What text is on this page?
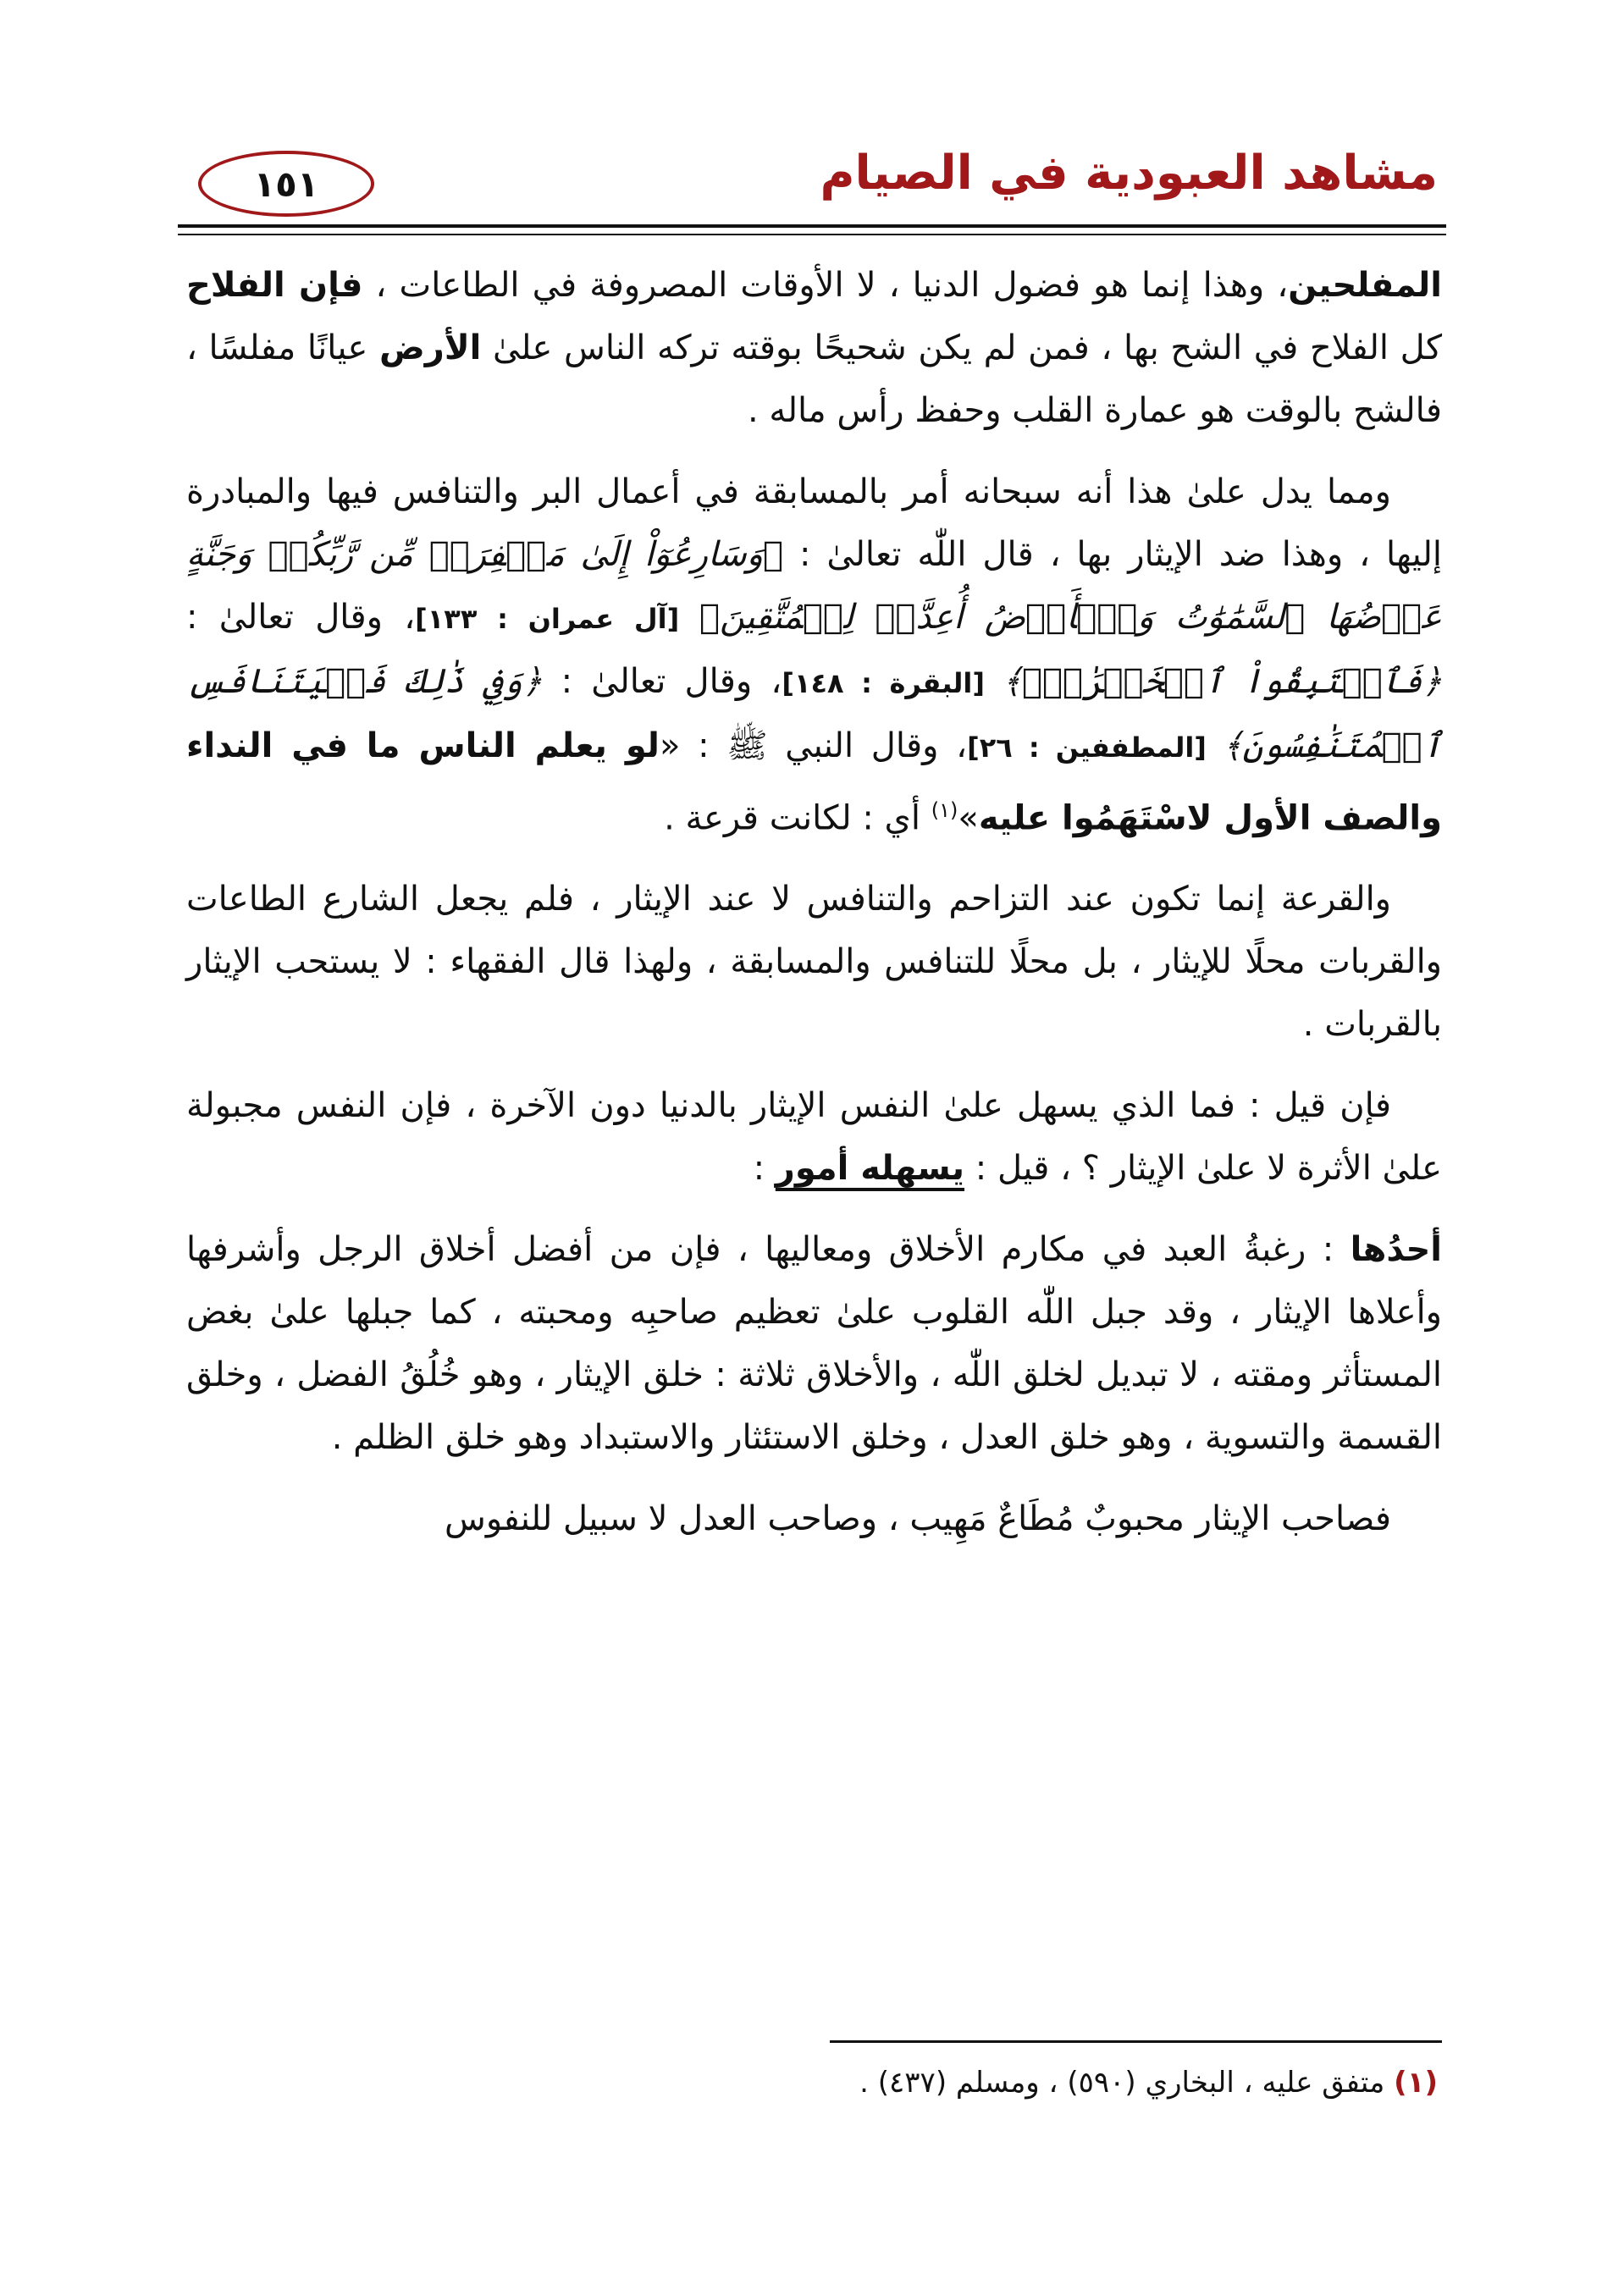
مشاهد العبودية في الصيام
١٥١

المفلحين، وهذا إنما هو فضول الدنيا ، لا الأوقات المصروفة في الطاعات ، فإن الفلاح كل الفلاح في الشح بها ، فمن لم يكن شحيحًا بوقته تركه الناس علىٰ الأرض عيانًا مفلسًا ، فالشح بالوقت هو عمارة القلب وحفظ رأس ماله .

ومما يدل علىٰ هذا أنه سبحانه أمر بالمسابقة في أعمال البر والتنافس فيها والمبادرة إليها ، وهذا ضد الإيثار بها ، قال اللّٰه تعالىٰ : ﴿وَسَارِعُوٓاْ إِلَىٰ مَغۡفِرَةٖ مِّن رَّبِّكُمۡ وَجَنَّةٍ عَرۡضُهَا ٱلسَّمَٰوَٰتُ وَٱلۡأَرۡضُ أُعِدَّتۡ لِلۡمُتَّقِينَ﴾ [آل عمران : ١٣٣]، وقال تعالىٰ : ﴿فَٱسۡتَبِقُواْ ٱلۡخَيۡرَٰتِۚ﴾ [البقرة : ١٤٨]، وقال تعالىٰ : ﴿وَفِي ذَٰلِكَ فَلۡيَتَنَافَسِ ٱلۡمُتَنَٰفِسُونَ﴾ [المطففين : ٢٦]، وقال النبي ﷺ : «لو يعلم الناس ما في النداء والصف الأول لاسْتَهَمُوا عليه»$^{(١)}$ أي : لكانت قرعة .

والقرعة إنما تكون عند التزاحم والتنافس لا عند الإيثار ، فلم يجعل الشارع الطاعات والقربات محلًا للإيثار ، بل محلًا للتنافس والمسابقة ، ولهذا قال الفقهاء : لا يستحب الإيثار بالقربات .

فإن قيل : فما الذي يسهل علىٰ النفس الإيثار بالدنيا دون الآخرة ، فإن النفس مجبولة علىٰ الأثرة لا علىٰ الإيثار ؟ ، قيل : يسهله أمور :

أحدُها : رغبةُ العبد في مكارم الأخلاق ومعاليها ، فإن من أفضل أخلاق الرجل وأشرفها وأعلاها الإيثار ، وقد جبل اللّٰه القلوب علىٰ تعظيم صاحبِه ومحبته ، كما جبلها علىٰ بغض المستأثر ومقته ، لا تبديل لخلق اللّٰه ، والأخلاق ثلاثة : خلق الإيثار ، وهو خُلُقُ الفضل ، وخلق القسمة والتسوية ، وهو خلق العدل ، وخلق الاستئثار والاستبداد وهو خلق الظلم .

فصاحب الإيثار محبوبٌ مُطَاعٌ مَهِيب ، وصاحب العدل لا سبيل للنفوس

(١) متفق عليه ، البخاري (٥٩٠) ، ومسلم (٤٣٧) .
